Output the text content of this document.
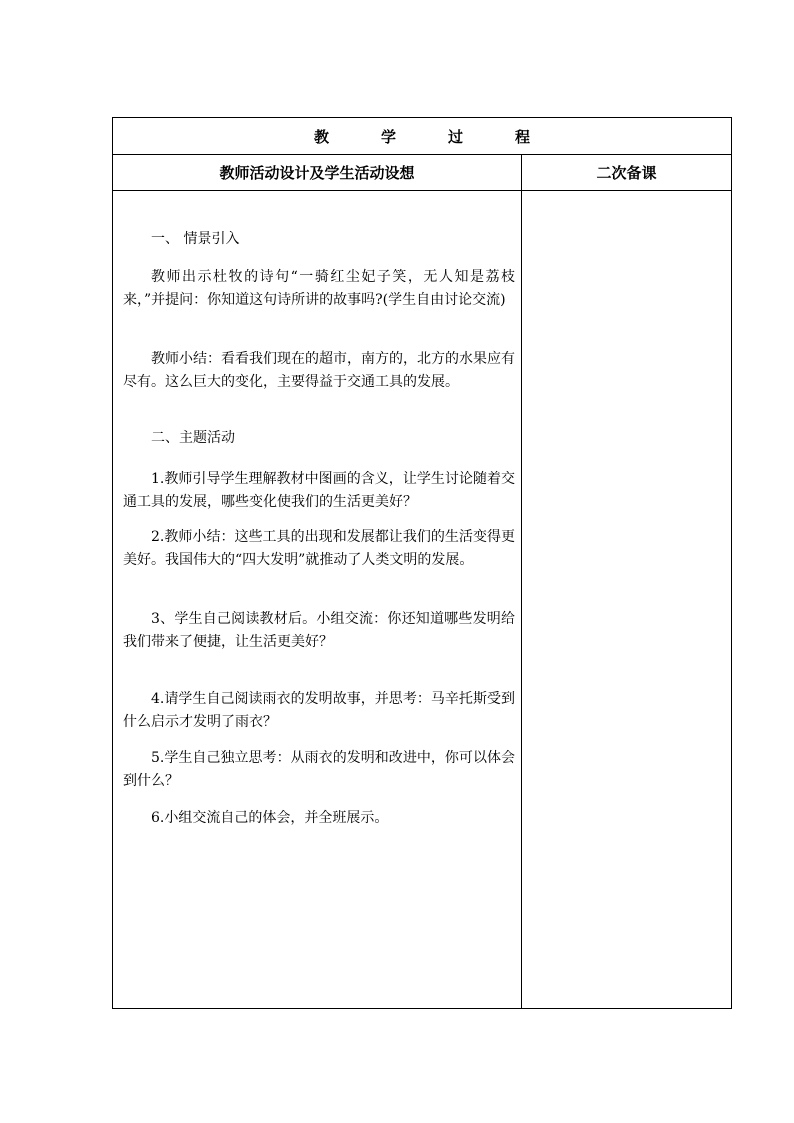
教	学	过	程
教师活动设计及学生活动设想	二次备课

一、 情景引入

教师出示杜牧的诗句“一骑红尘妃子笑，无人知是荔枝来，”并提问：你知道这句诗所讲的故事吗?(学生自由讨论交流)

教师小结：看看我们现在的超市，南方的，北方的水果应有尽有。这么巨大的变化，主要得益于交通工具的发展。

二、主题活动

1.教师引导学生理解教材中图画的含义，让学生讨论随着交通工具的发展，哪些变化使我们的生活更美好？

2.教师小结：这些工具的出现和发展都让我们的生活变得更美好。我国伟大的“四大发明”就推动了人类文明的发展。

3、学生自己阅读教材后。小组交流：你还知道哪些发明给我们带来了便捷，让生活更美好？

4.请学生自己阅读雨衣的发明故事，并思考：马辛托斯受到什么启示才发明了雨衣？

5.学生自己独立思考：从雨衣的发明和改进中，你可以体会到什么？

6.小组交流自己的体会，并全班展示。
